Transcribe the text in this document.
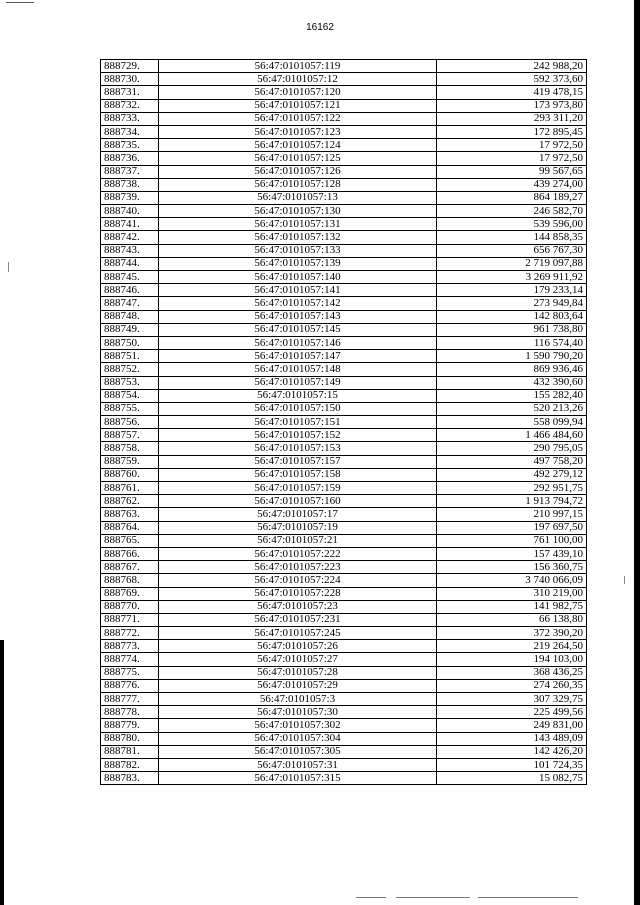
16162
888729.	56:47:0101057:119	242 988,20
888730.	56:47:0101057:12	592 373,60
888731.	56:47:0101057:120	419 478,15
888732.	56:47:0101057:121	173 973,80
888733.	56:47:0101057:122	293 311,20
888734.	56:47:0101057:123	172 895,45
888735.	56:47:0101057:124	17 972,50
888736.	56:47:0101057:125	17 972,50
888737.	56:47:0101057:126	99 567,65
888738.	56:47:0101057:128	439 274,00
888739.	56:47:0101057:13	864 189,27
888740.	56:47:0101057:130	246 582,70
888741.	56:47:0101057:131	539 596,00
888742.	56:47:0101057:132	144 858,35
888743.	56:47:0101057:133	656 767,30
888744.	56:47:0101057:139	2 719 097,88
888745.	56:47:0101057:140	3 269 911,92
888746.	56:47:0101057:141	179 233,14
888747.	56:47:0101057:142	273 949,84
888748.	56:47:0101057:143	142 803,64
888749.	56:47:0101057:145	961 738,80
888750.	56:47:0101057:146	116 574,40
888751.	56:47:0101057:147	1 590 790,20
888752.	56:47:0101057:148	869 936,46
888753.	56:47:0101057:149	432 390,60
888754.	56:47:0101057:15	155 282,40
888755.	56:47:0101057:150	520 213,26
888756.	56:47:0101057:151	558 099,94
888757.	56:47:0101057:152	1 466 484,60
888758.	56:47:0101057:153	290 795,05
888759.	56:47:0101057:157	497 758,20
888760.	56:47:0101057:158	492 279,12
888761.	56:47:0101057:159	292 951,75
888762.	56:47:0101057:160	1 913 794,72
888763.	56:47:0101057:17	210 997,15
888764.	56:47:0101057:19	197 697,50
888765.	56:47:0101057:21	761 100,00
888766.	56:47:0101057:222	157 439,10
888767.	56:47:0101057:223	156 360,75
888768.	56:47:0101057:224	3 740 066,09
888769.	56:47:0101057:228	310 219,00
888770.	56:47:0101057:23	141 982,75
888771.	56:47:0101057:231	66 138,80
888772.	56:47:0101057:245	372 390,20
888773.	56:47:0101057:26	219 264,50
888774.	56:47:0101057:27	194 103,00
888775.	56:47:0101057:28	368 436,25
888776.	56:47:0101057:29	274 260,35
888777.	56:47:0101057:3	307 329,75
888778.	56:47:0101057:30	225 499,56
888779.	56:47:0101057:302	249 831,00
888780.	56:47:0101057:304	143 489,09
888781.	56:47:0101057:305	142 426,20
888782.	56:47:0101057:31	101 724,35
888783.	56:47:0101057:315	15 082,75
